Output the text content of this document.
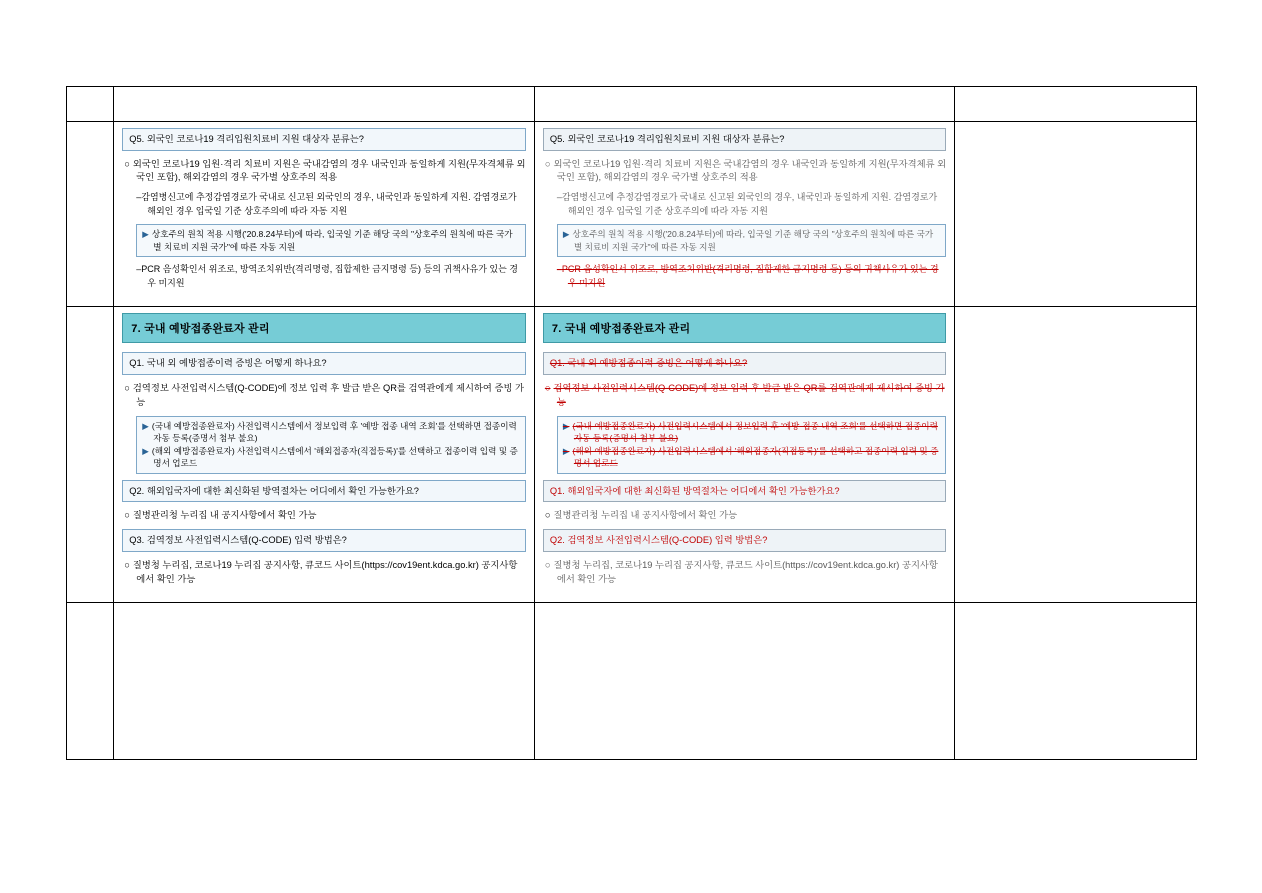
Q5. 외국인 코로나19 격리입원치료비 지원 대상자 분류는?
○ 외국인 코로나19 입원·격리 치료비 지원은 국내감염의 경우 내국인과 동일하게 지원(무자격체류 외국인 포함), 해외감염의 경우 국가별 상호주의 적용
–감염병신고에 추정감염경로가 국내로 신고된 외국인의 경우, 내국인과 동일하게 지원. 감염경로가 해외인 경우 입국일 기준 상호주의에 따라 자동 지원
▶ 상호주의 원칙 적용 시행('20.8.24부터)에 따라, 입국일 기준 해당 국의 "상호주의 원칙에 따른 국가별 치료비 지원 국가"에 따른 자동 지원
–PCR 음성확인서 위조로, 방역조치위반(격리명령, 집합제한 금지명령 등) 등의 귀책사유가 있는 경우 미지원

Q5. 외국인 코로나19 격리입원치료비 지원 대상자 분류는?
○ 외국인 코로나19 입원·격리 치료비 지원은 국내감염의 경우 내국인과 동일하게 지원(무자격체류 외국인 포함), 해외감염의 경우 국가별 상호주의 적용
–감염병신고에 추정감염경로가 국내로 신고된 외국인의 경우, 내국인과 동일하게 지원. 감염경로가 해외인 경우 입국일 기준 상호주의에 따라 자동 지원
▶ 상호주의 원칙 적용 시행('20.8.24부터)에 따라, 입국일 기준 해당 국의 "상호주의 원칙에 따른 국가별 치료비 지원 국가"에 따른 자동 지원
–PCR 음성확인서 위조로, 방역조치위반(격리명령, 집합제한 금지명령 등) 등의 귀책사유가 있는 경우 미지원

7. 국내 예방접종완료자 관리
Q1. 국내 외 예방접종이력 증빙은 어떻게 하나요?
○ 검역정보 사전입력시스템(Q-CODE)에 정보 입력 후 발급 받은 QR를 검역관에게 제시하여 증빙 가능
▶ (국내 예방접종완료자) 사전입력시스템에서 정보입력 후 '예방 접종 내역 조회'를 선택하면 접종이력 자동 등록(증명서 첨부 불요)
▶ (해외 예방접종완료자) 사전입력시스템에서 '해외접종자(직접등록)'를 선택하고 접종이력 입력 및 증명서 업로드
Q2. 해외입국자에 대한 최신화된 방역절차는 어디에서 확인 가능한가요?
○ 질병관리청 누리집 내 공지사항에서 확인 가능
Q3. 검역정보 사전입력시스템(Q-CODE) 입력 방법은?
○ 질병청 누리집, 코로나19 누리집 공지사항, 큐코드 사이트(https://cov19ent.kdca.go.kr) 공지사항에서 확인 가능

7. 국내 예방접종완료자 관리
Q1. 국내 외 예방접종이력 증빙은 어떻게 하나요?
○ 검역정보 사전입력시스템(Q-CODE)에 정보 입력 후 발급 받은 QR를 검역관에게 제시하여 증빙 가능
▶ (국내 예방접종완료자) 사전입력시스템에서 정보입력 후 '예방·접종 내역 조회'를 선택하면 접종이력 자동 등록(증명서 첨부 불요)
▶ (해외 예방접종완료자) 사전입력시스템에서 '해외접종자(직접등록)'를 선택하고 접종이력 입력 및 증명서 업로드
Q1. 해외입국자에 대한 최신화된 방역절차는 어디에서 확인 가능한가요?
○ 질병관리청 누리집 내 공지사항에서 확인 가능
Q2. 검역정보 사전입력시스템(Q-CODE) 입력 방법은?
○ 질병청 누리집, 코로나19 누리집 공지사항, 큐코드 사이트(https://cov19ent.kdca.go.kr) 공지사항에서 확인 가능
